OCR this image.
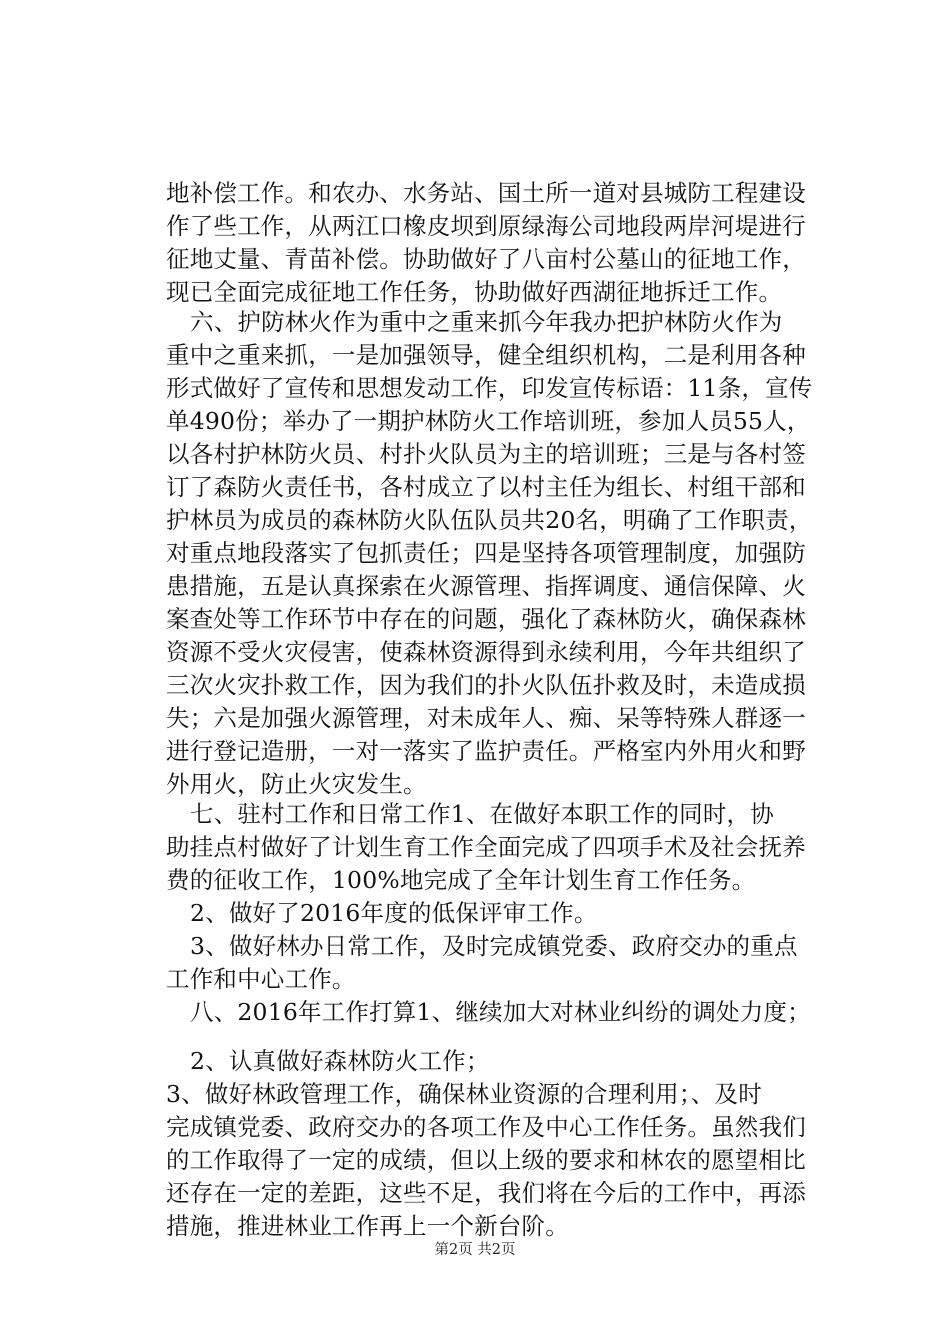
地补偿工作。和农办、水务站、国土所一道对县城防工程建设
作了些工作，从两江口橡皮坝到原绿海公司地段两岸河堤进行
征地丈量、青苗补偿。协助做好了八亩村公墓山的征地工作，
现已全面完成征地工作任务，协助做好西湖征地拆迁工作。
六、护防林火作为重中之重来抓今年我办把护林防火作为
重中之重来抓，一是加强领导，健全组织机构，二是利用各种
形式做好了宣传和思想发动工作，印发宣传标语：11条，宣传
单490份；举办了一期护林防火工作培训班，参加人员55人，
以各村护林防火员、村扑火队员为主的培训班；三是与各村签
订了森防火责任书，各村成立了以村主任为组长、村组干部和
护林员为成员的森林防火队伍队员共20名，明确了工作职责，
对重点地段落实了包抓责任；四是坚持各项管理制度，加强防
患措施，五是认真探索在火源管理、指挥调度、通信保障、火
案查处等工作环节中存在的问题，强化了森林防火，确保森林
资源不受火灾侵害，使森林资源得到永续利用，今年共组织了
三次火灾扑救工作，因为我们的扑火队伍扑救及时，未造成损
失；六是加强火源管理，对未成年人、痴、呆等特殊人群逐一
进行登记造册，一对一落实了监护责任。严格室内外用火和野
外用火，防止火灾发生。
七、驻村工作和日常工作1、在做好本职工作的同时，协
助挂点村做好了计划生育工作全面完成了四项手术及社会抚养
费的征收工作，100%地完成了全年计划生育工作任务。
2、做好了2016年度的低保评审工作。
3、做好林办日常工作，及时完成镇党委、政府交办的重点
工作和中心工作。
八、2016年工作打算1、继续加大对林业纠纷的调处力度；
2、认真做好森林防火工作；
3、做好林政管理工作，确保林业资源的合理利用；、及时
完成镇党委、政府交办的各项工作及中心工作任务。虽然我们
的工作取得了一定的成绩，但以上级的要求和林农的愿望相比
还存在一定的差距，这些不足，我们将在今后的工作中，再添
措施，推进林业工作再上一个新台阶。
第2页 共2页
